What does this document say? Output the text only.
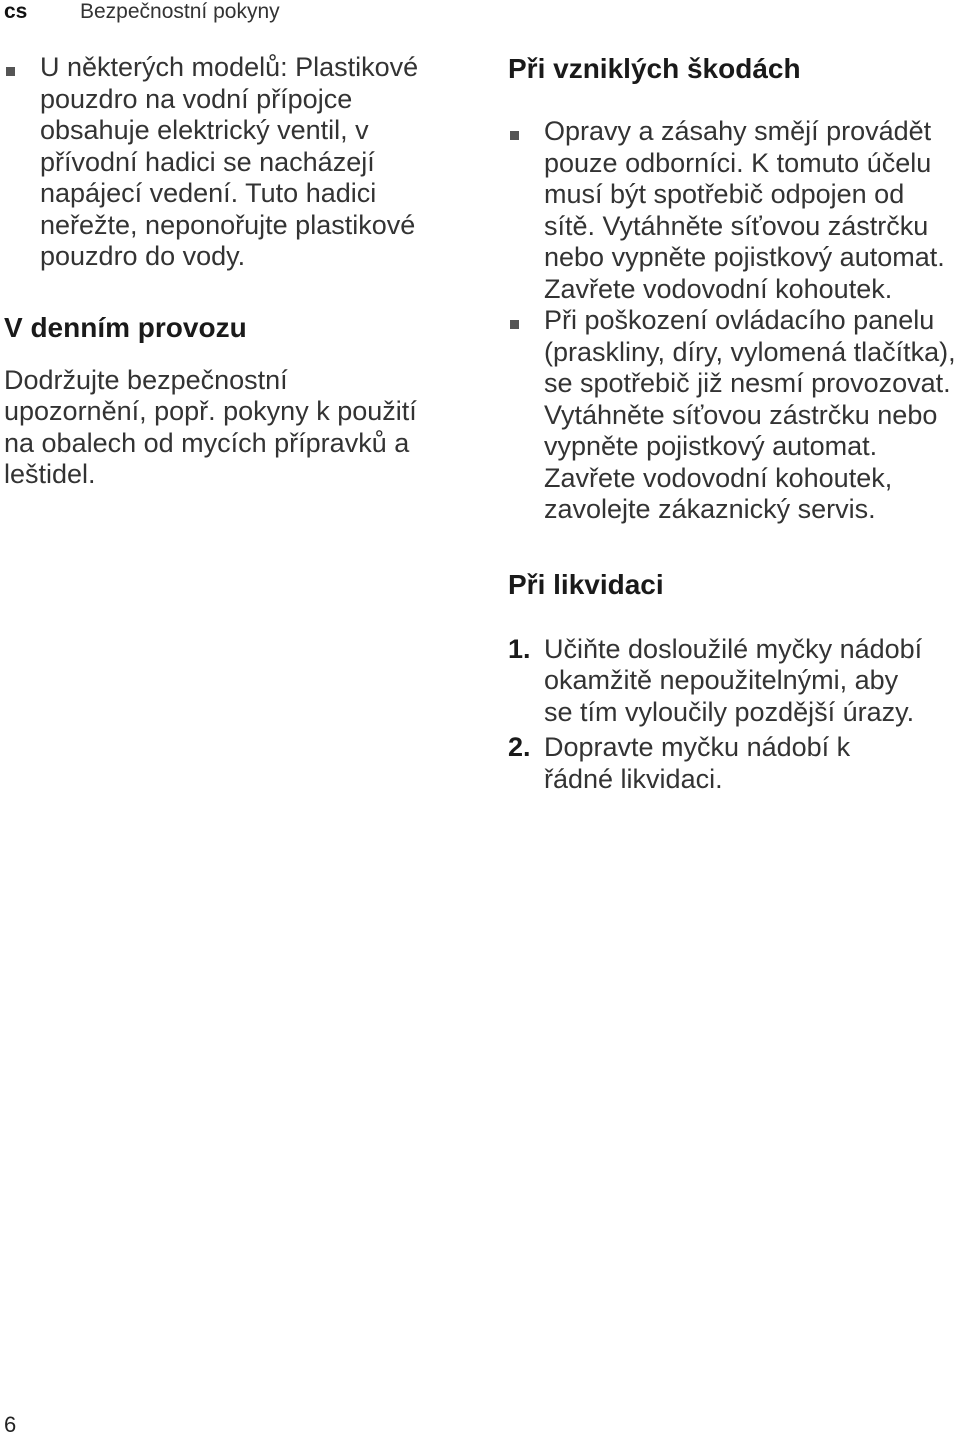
cs	Bezpečnostní pokyny

U některých modelů: Plastikové pouzdro na vodní přípojce obsahuje elektrický ventil, v přívodní hadici se nacházejí napájecí vedení. Tuto hadici neřežte, neponořujte plastikové pouzdro do vody.

V denním provozu

Dodržujte bezpečnostní upozornění, popř. pokyny k použití na obalech od mycích přípravků a leštidel.

Při vzniklých škodách

Opravy a zásahy smějí provádět pouze odborníci. K tomuto účelu musí být spotřebič odpojen od sítě. Vytáhněte síťovou zástrčku nebo vypněte pojistkový automat. Zavřete vodovodní kohoutek.

Při poškození ovládacího panelu (praskliny, díry, vylomená tlačítka), se spotřebič již nesmí provozovat. Vytáhněte síťovou zástrčku nebo vypněte pojistkový automat. Zavřete vodovodní kohoutek, zavolejte zákaznický servis.

Při likvidaci
1. Učiňte dosloužilé myčky nádobí okamžitě nepoužitelnými, aby se tím vyloučily pozdější úrazy.

2. Dopravte myčku nádobí k řádné likvidaci.

6
